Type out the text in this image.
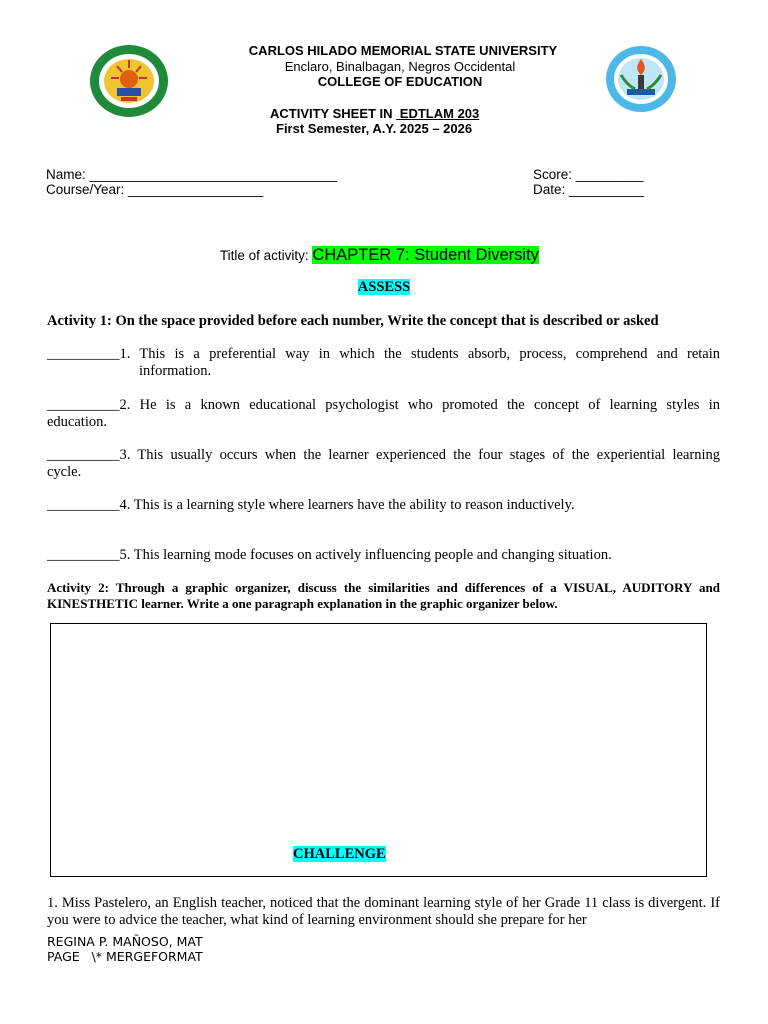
CARLOS HILADO MEMORIAL STATE UNIVERSITY
Enclaro, Binalbagan, Negros Occidental
COLLEGE OF EDUCATION
ACTIVITY SHEET IN  EDTLAM 203
First Semester, A.Y. 2025 – 2026
Name: _________________________________
Course/Year: __________________
Score: _________
Date: __________

Title of activity: CHAPTER 7: Student Diversity

ASSESS
Activity 1: On the space provided before each number, Write the concept that is described or asked
__________1. This is a preferential way in which the students absorb, process, comprehend and retain
information.
__________2. He is a known educational psychologist who promoted the concept of learning styles in
education.
__________3. This usually occurs when the learner experienced the four stages of the experiential learning
cycle.
__________4. This is a learning style where learners have the ability to reason inductively.
__________5. This learning mode focuses on actively influencing people and changing situation.
Activity 2: Through a graphic organizer, discuss the similarities and differences of a VISUAL, AUDITORY and KINESTHETIC learner. Write a one paragraph explanation in the graphic organizer below.
CHALLENGE
1. Miss Pastelero, an English teacher, noticed that the dominant learning style of her Grade 11 class is divergent. If you were to advice the teacher, what kind of learning environment should she prepare for her
REGINA P. MAÑOSO, MAT
PAGE   \* MERGEFORMAT
